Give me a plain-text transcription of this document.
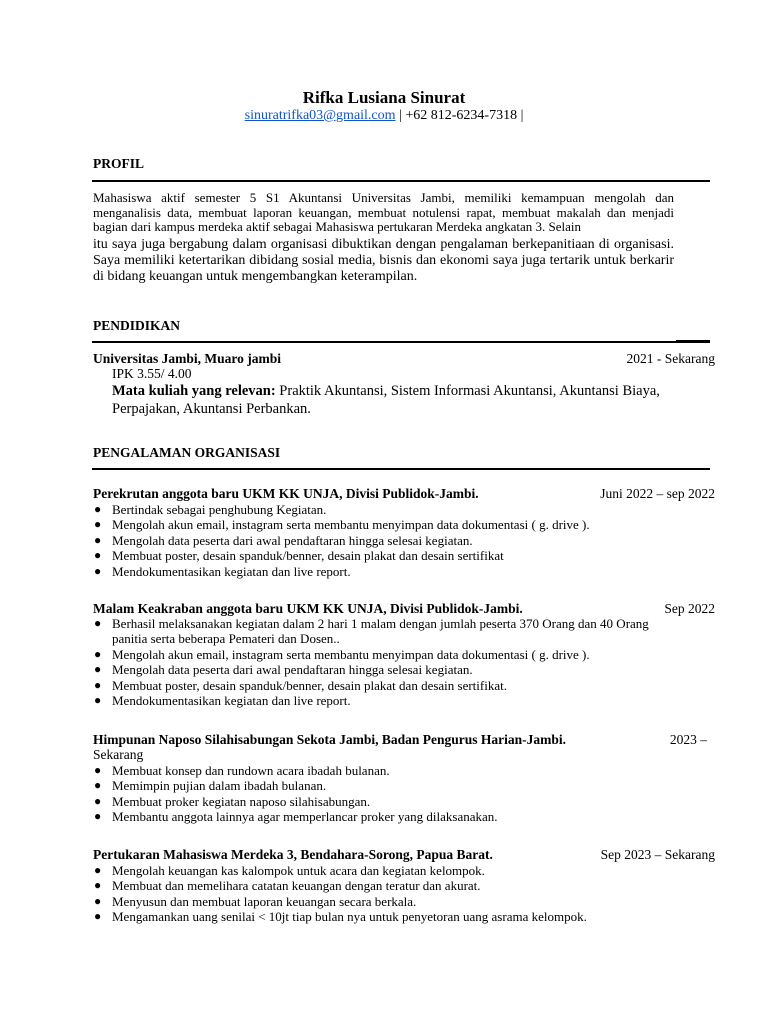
Rifka Lusiana Sinurat
sinuratrifka03@gmail.com | +62 812-6234-7318 |
PROFIL
Mahasiswa aktif semester 5 S1 Akuntansi Universitas Jambi, memiliki kemampuan mengolah dan menganalisis data, membuat laporan keuangan, membuat notulensi rapat, membuat makalah dan menjadi bagian dari kampus merdeka aktif sebagai Mahasiswa pertukaran Merdeka angkatan 3. Selain
itu saya juga bergabung dalam organisasi dibuktikan dengan pengalaman berkepanitiaan di organisasi. Saya memiliki ketertarikan dibidang sosial media, bisnis dan ekonomi saya juga tertarik untuk berkarir di bidang keuangan untuk mengembangkan keterampilan.
PENDIDIKAN
Universitas Jambi, Muaro jambi	2021 - Sekarang
IPK 3.55/ 4.00
Mata kuliah yang relevan: Praktik Akuntansi, Sistem Informasi Akuntansi, Akuntansi Biaya, Perpajakan, Akuntansi Perbankan.
PENGALAMAN ORGANISASI
Perekrutan anggota baru UKM KK UNJA, Divisi Publidok-Jambi.	Juni 2022 – sep 2022
● Bertindak sebagai penghubung Kegiatan.
● Mengolah akun email, instagram serta membantu menyimpan data dokumentasi ( g. drive ).
● Mengolah data peserta dari awal pendaftaran hingga selesai kegiatan.
● Membuat poster, desain spanduk/benner, desain plakat dan desain sertifikat
● Mendokumentasikan kegiatan dan live report.
Malam Keakraban anggota baru UKM KK UNJA, Divisi Publidok-Jambi.	Sep 2022
● Berhasil melaksanakan kegiatan dalam 2 hari 1 malam dengan jumlah peserta 370 Orang dan 40 Orang panitia serta beberapa Pemateri dan Dosen..
● Mengolah akun email, instagram serta membantu menyimpan data dokumentasi ( g. drive ).
● Mengolah data peserta dari awal pendaftaran hingga selesai kegiatan.
● Membuat poster, desain spanduk/benner, desain plakat dan desain sertifikat.
● Mendokumentasikan kegiatan dan live report.
Himpunan Naposo Silahisabungan Sekota Jambi, Badan Pengurus Harian-Jambi.	2023 –
Sekarang
● Membuat konsep dan rundown acara ibadah bulanan.
● Memimpin pujian dalam ibadah bulanan.
● Membuat proker kegiatan naposo silahisabungan.
● Membantu anggota lainnya agar memperlancar proker yang dilaksanakan.
Pertukaran Mahasiswa Merdeka 3, Bendahara-Sorong, Papua Barat.	Sep 2023 – Sekarang
● Mengolah keuangan kas kalompok untuk acara dan kegiatan kelompok.
● Membuat dan memelihara catatan keuangan dengan teratur dan akurat.
● Menyusun dan membuat laporan keuangan secara berkala.
● Mengamankan uang senilai < 10jt tiap bulan nya untuk penyetoran uang asrama kelompok.
